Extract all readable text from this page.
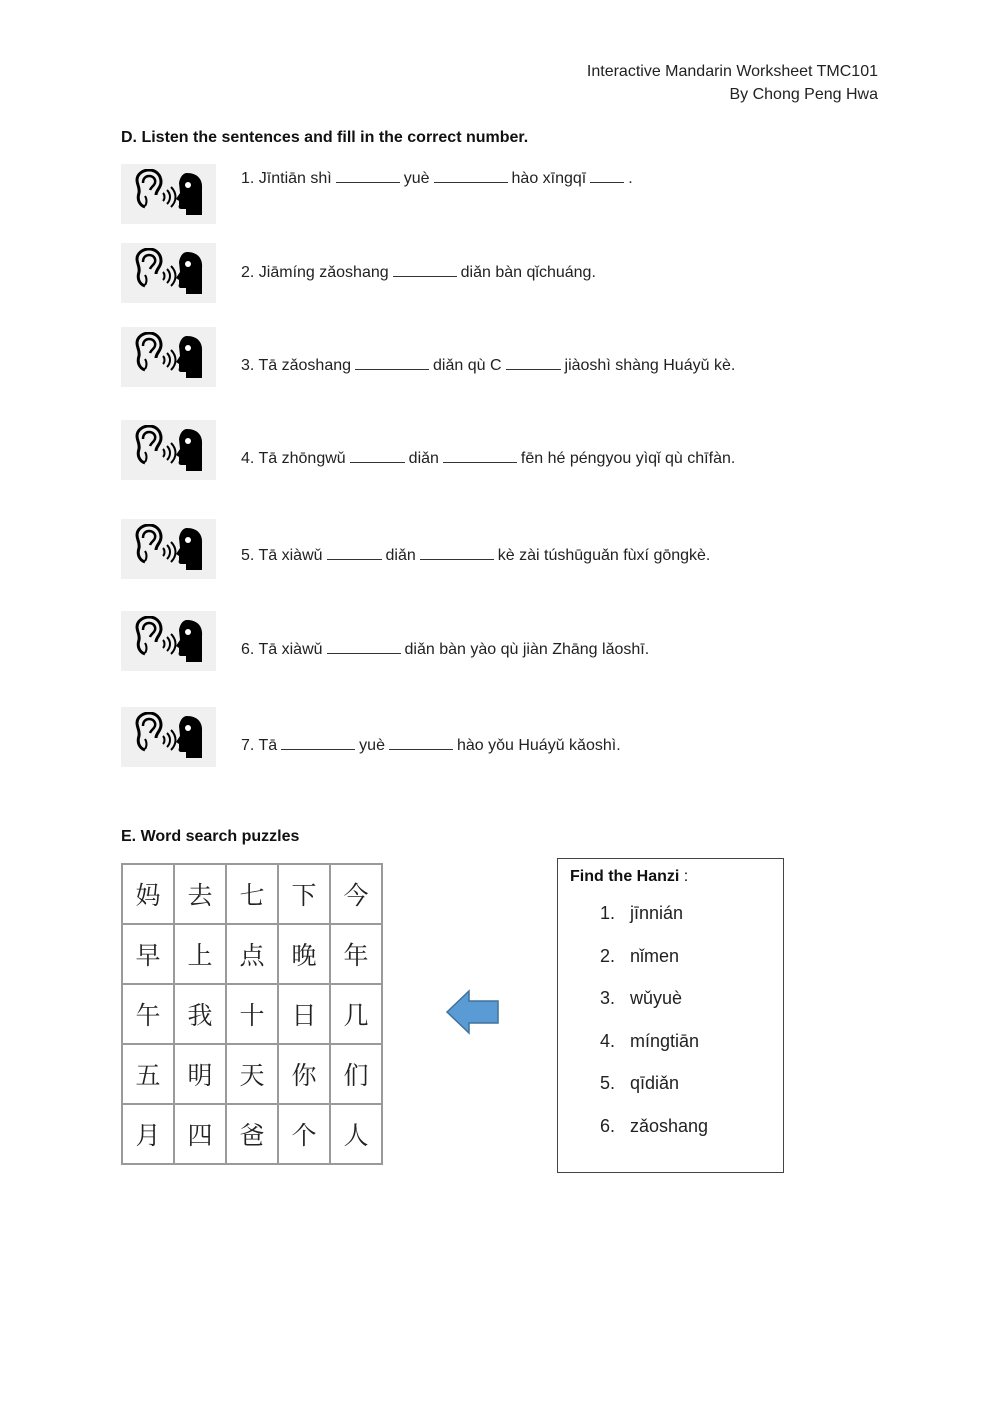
Interactive Mandarin Worksheet TMC101
By Chong Peng Hwa
D. Listen the sentences and fill in the correct number.
1. Jīntiān shì	yuè	hào xīngqī	.
2. Jiāmíng zǎoshang	diǎn bàn qǐchuáng.
3. Tā zǎoshang	diǎn qù C	jiàoshì shàng Huáyǔ kè.
4. Tā zhōngwǔ	diǎn	fēn hé péngyou yìqǐ qù chīfàn.
5. Tā xiàwǔ	diǎn	kè zài túshūguǎn fùxí gōngkè.
6. Tā xiàwǔ	diǎn bàn yào qù jiàn Zhāng lǎoshī.
7. Tā	yuè	hào yǒu Huáyǔ kǎoshì.
E. Word search puzzles
妈	去	七	下	今
早	上	点	晚	年
午	我	十	日	几
五	明	天	你	们
月	四	爸	个	人
Find the Hanzi :
1. jīnnián
2. nǐmen
3. wǔyuè
4. míngtiān
5. qīdiǎn
6. zǎoshang
